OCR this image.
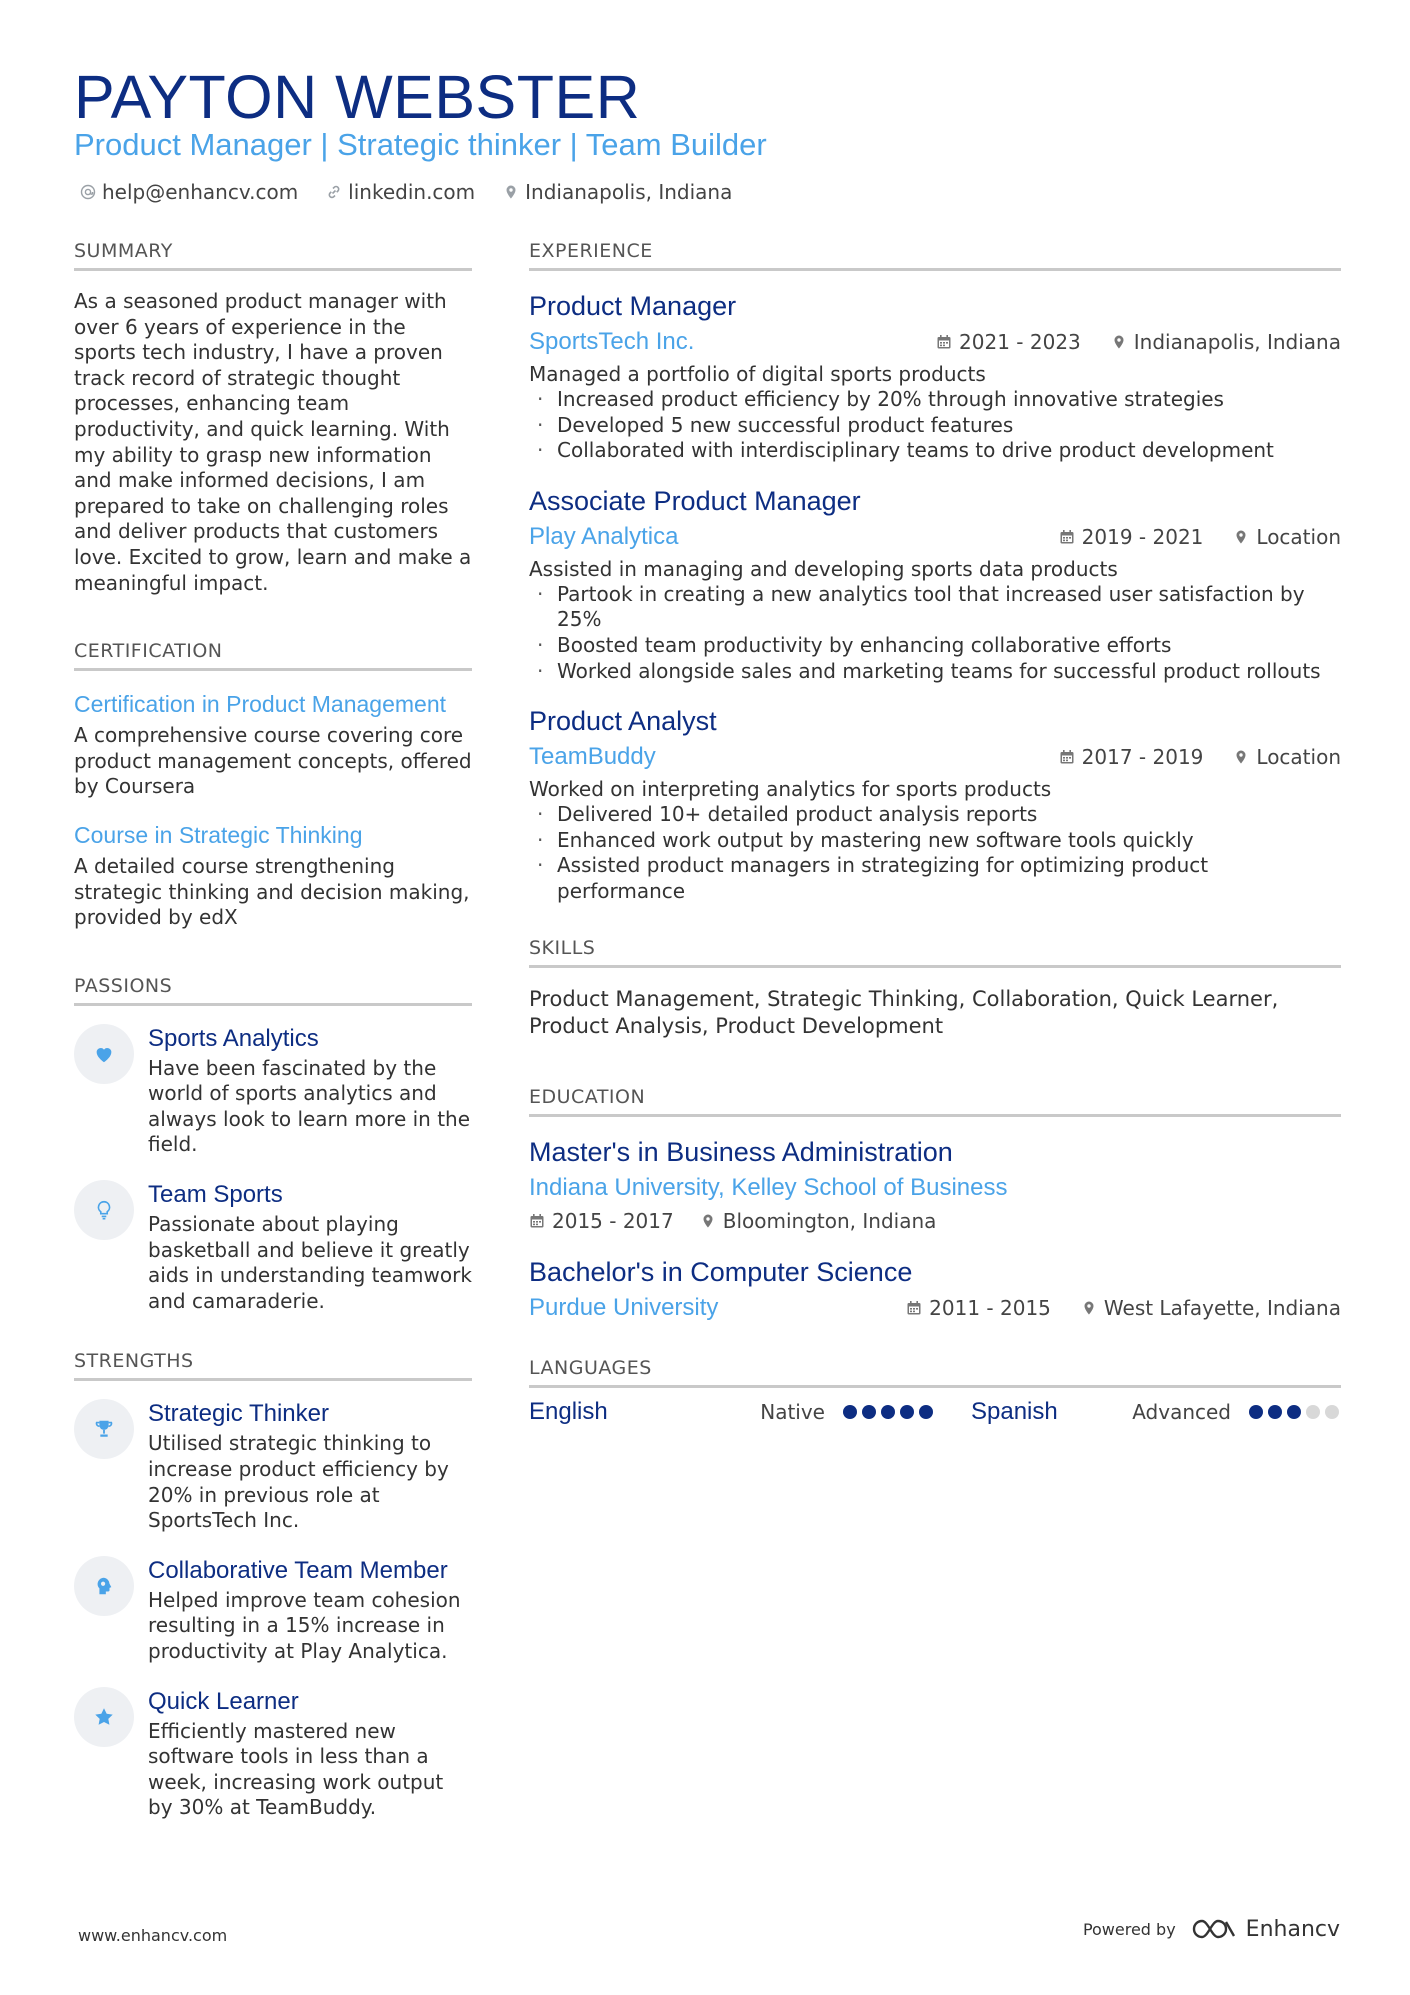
PAYTON WEBSTER
Product Manager | Strategic thinker | Team Builder
help@enhancv.com	linkedin.com	Indianapolis, Indiana
SUMMARY

As a seasoned product manager with over 6 years of experience in the sports tech industry, I have a proven track record of strategic thought processes, enhancing team productivity, and quick learning. With my ability to grasp new information and make informed decisions, I am prepared to take on challenging roles and deliver products that customers love. Excited to grow, learn and make a meaningful impact.

CERTIFICATION
Certification in Product Management

A comprehensive course covering core product management concepts, offered by Coursera

Course in Strategic Thinking

A detailed course strengthening strategic thinking and decision making, provided by edX

PASSIONS
Sports Analytics

Have been fascinated by the world of sports analytics and always look to learn more in the field.

Team Sports

Passionate about playing basketball and believe it greatly aids in understanding teamwork and camaraderie.

STRENGTHS
Strategic Thinker

Utilised strategic thinking to increase product efficiency by 20% in previous role at SportsTech Inc.

Collaborative Team Member

Helped improve team cohesion resulting in a 15% increase in productivity at Play Analytica.

Quick Learner

Efficiently mastered new software tools in less than a week, increasing work output by 30% at TeamBuddy.

EXPERIENCE
Product Manager
SportsTech Inc.	2021 - 2023	Indianapolis, Indiana

Managed a portfolio of digital sports products

· Increased product efficiency by 20% through innovative strategies
· Developed 5 new successful product features
· Collaborated with interdisciplinary teams to drive product development
Associate Product Manager
Play Analytica	2019 - 2021	Location

Assisted in managing and developing sports data products

· Partook in creating a new analytics tool that increased user satisfaction by 25%
· Boosted team productivity by enhancing collaborative efforts
· Worked alongside sales and marketing teams for successful product rollouts
Product Analyst
TeamBuddy	2017 - 2019	Location

Worked on interpreting analytics for sports products

· Delivered 10+ detailed product analysis reports
· Enhanced work output by mastering new software tools quickly
· Assisted product managers in strategizing for optimizing product performance
SKILLS

Product Management, Strategic Thinking, Collaboration, Quick Learner, Product Analysis, Product Development

EDUCATION
Master's in Business Administration
Indiana University, Kelley School of Business
2015 - 2017 Bloomington, Indiana
Bachelor's in Computer Science
Purdue University	2011 - 2015	West Lafayette, Indiana
LANGUAGES
English	Native	Spanish	Advanced
www.enhancv.com	Powered by	Enhancv
